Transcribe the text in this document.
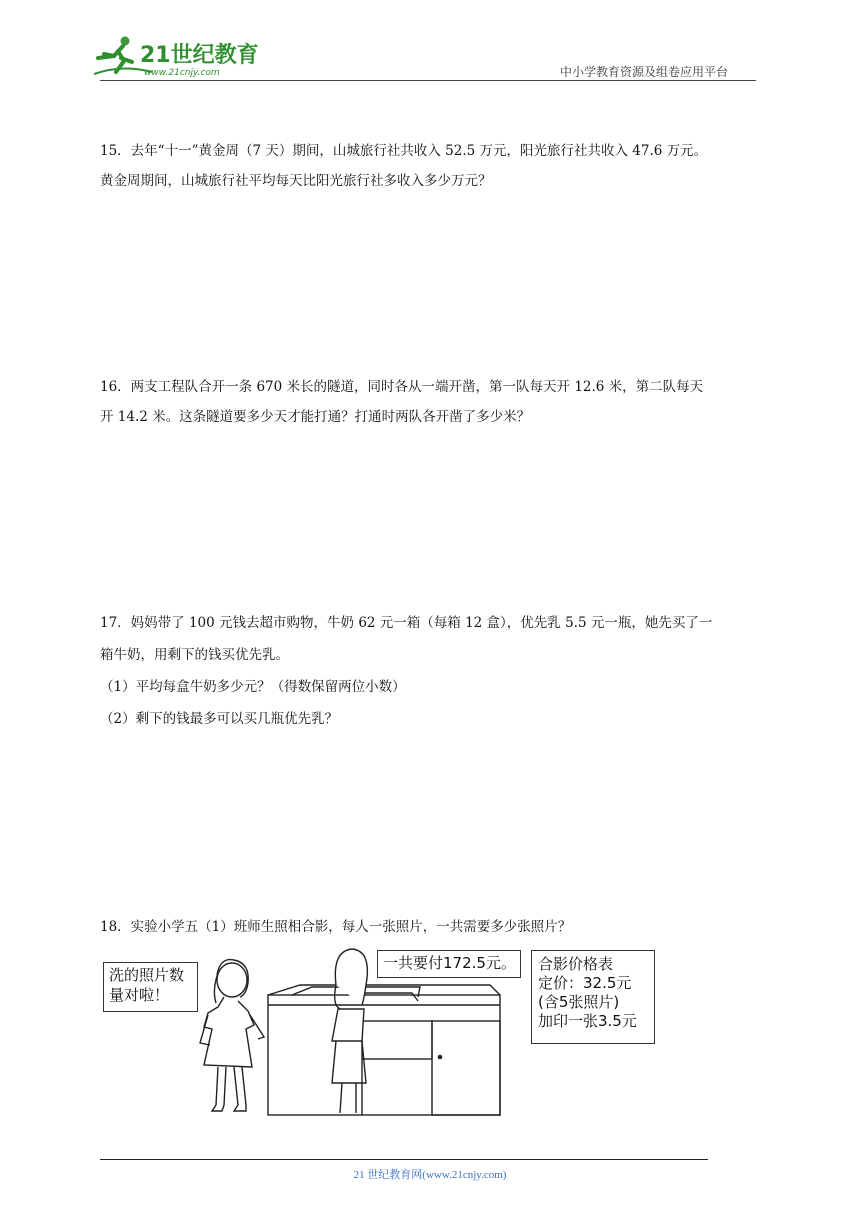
21世纪教育
www.21cnjy.com	中小学教育资源及组卷应用平台

15．去年“十一”黄金周（7 天）期间，山城旅行社共收入 52.5 万元，阳光旅行社共收入 47.6 万元。

黄金周期间，山城旅行社平均每天比阳光旅行社多收入多少万元？

16．两支工程队合开一条 670 米长的隧道，同时各从一端开凿，第一队每天开 12.6 米，第二队每天

开 14.2 米。这条隧道要多少天才能打通？打通时两队各开凿了多少米？

17．妈妈带了 100 元钱去超市购物，牛奶 62 元一箱（每箱 12 盒），优先乳 5.5 元一瓶，她先买了一

箱牛奶，用剩下的钱买优先乳。

（1）平均每盒牛奶多少元？（得数保留两位小数）

（2）剩下的钱最多可以买几瓶优先乳？

18．实验小学五（1）班师生照相合影，每人一张照片，一共需要多少张照片？

洗的照片数
量对啦！
一共要付172.5元。	合影价格表
定价：32.5元
(含5张照片)
加印一张3.5元
21 世纪教育网(www.21cnjy.com)
